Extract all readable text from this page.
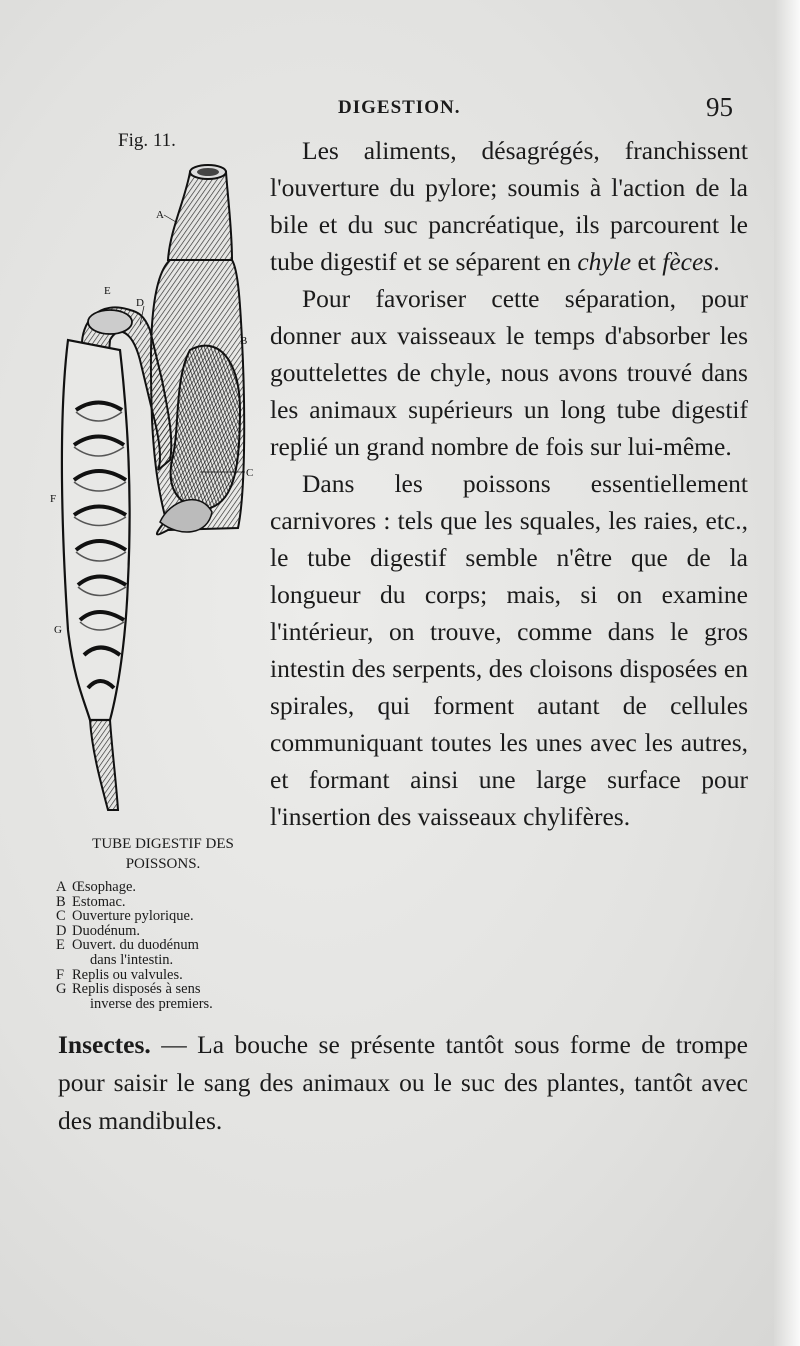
DIGESTION.	95
Fig. 11.
A
B
C
D
E
F
G
TUBE DIGESTIF DES
POISSONS.
A Œsophage.
B Estomac.
C Ouverture pylorique.
D Duodénum.
E Ouvert. du duodénum
dans l'intestin.
F Replis ou valvules.
G Replis disposés à sens
inverse des premiers.

Les aliments, désagrégés, franchissent l'ouverture du pylore; soumis à l'action de la bile et du suc pancréatique, ils parcourent le tube digestif et se séparent en chyle et fèces.

Pour favoriser cette séparation, pour donner aux vaisseaux le temps d'absorber les gouttelettes de chyle, nous avons trouvé dans les animaux supérieurs un long tube digestif replié un grand nombre de fois sur lui-même.

Dans les poissons essentiellement carnivores : tels que les squales, les raies, etc., le tube digestif semble n'être que de la longueur du corps; mais, si on examine l'intérieur, on trouve, comme dans le gros intestin des serpents, des cloisons disposées en spirales, qui forment autant de cellules communiquant toutes les unes avec les autres, et formant ainsi une large surface pour l'insertion des vaisseaux chylifères.

Insectes. — La bouche se présente tantôt sous forme de trompe pour saisir le sang des animaux ou le suc des plantes, tantôt avec des mandibules.
